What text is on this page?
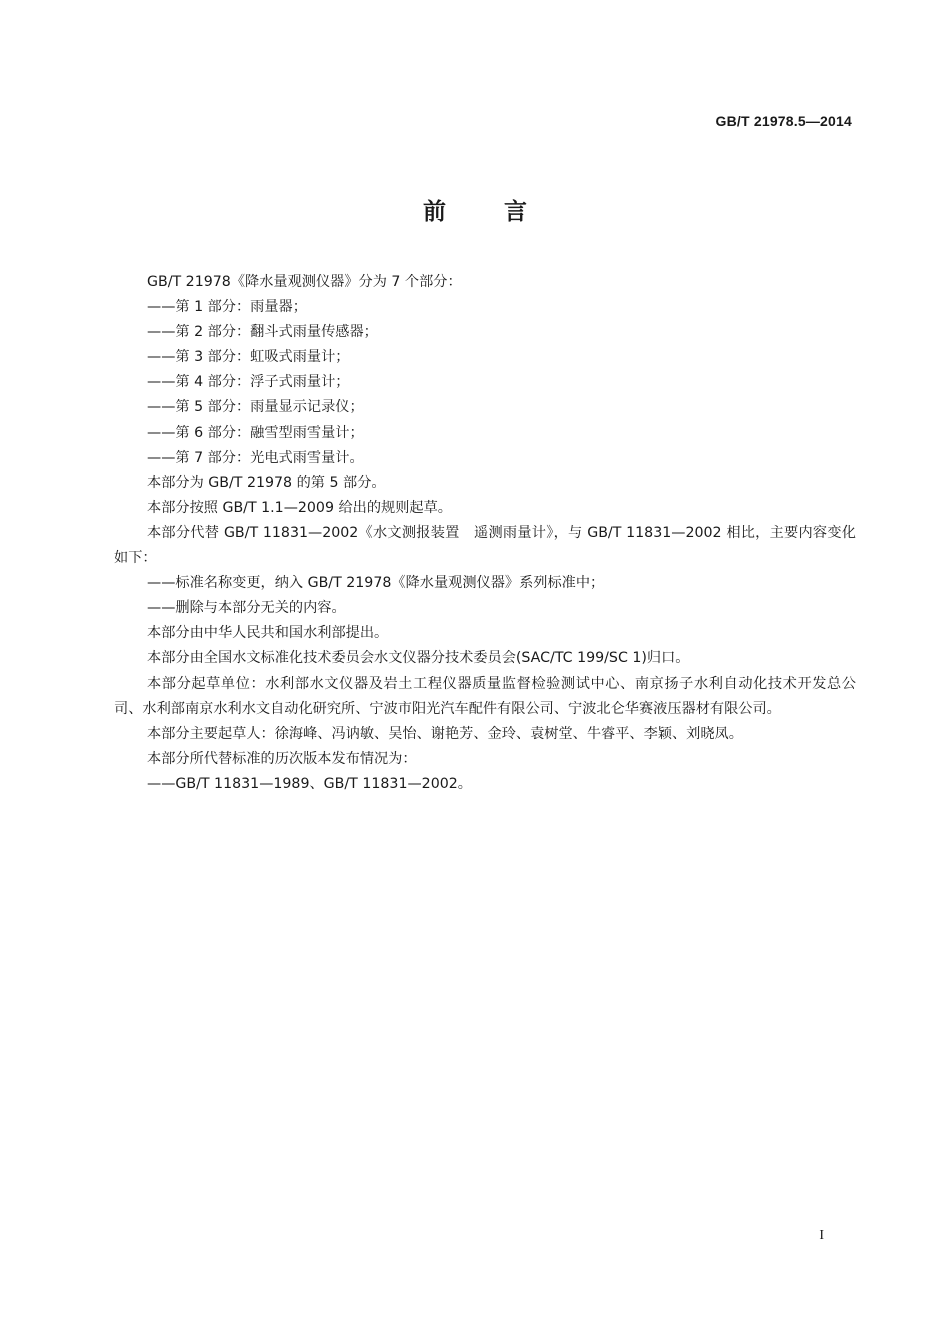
GB/T 21978.5—2014
前言

GB/T 21978《降水量观测仪器》分为 7 个部分：

——第 1 部分：雨量器；

——第 2 部分：翻斗式雨量传感器；

——第 3 部分：虹吸式雨量计；

——第 4 部分：浮子式雨量计；

——第 5 部分：雨量显示记录仪；

——第 6 部分：融雪型雨雪量计；

——第 7 部分：光电式雨雪量计。

本部分为 GB/T 21978 的第 5 部分。

本部分按照 GB/T 1.1—2009 给出的规则起草。

本部分代替 GB/T 11831—2002《水文测报装置　遥测雨量计》，与 GB/T 11831—2002 相比，主要内容变化如下：

——标准名称变更，纳入 GB/T 21978《降水量观测仪器》系列标准中；

——删除与本部分无关的内容。

本部分由中华人民共和国水利部提出。

本部分由全国水文标准化技术委员会水文仪器分技术委员会(SAC/TC 199/SC 1)归口。

本部分起草单位：水利部水文仪器及岩土工程仪器质量监督检验测试中心、南京扬子水利自动化技术开发总公司、水利部南京水利水文自动化研究所、宁波市阳光汽车配件有限公司、宁波北仑华赛液压器材有限公司。

本部分主要起草人：徐海峰、冯讷敏、吴怡、谢艳芳、金玲、袁树堂、牛睿平、李颖、刘晓凤。

本部分所代替标准的历次版本发布情况为：

——GB/T 11831—1989、GB/T 11831—2002。

I
